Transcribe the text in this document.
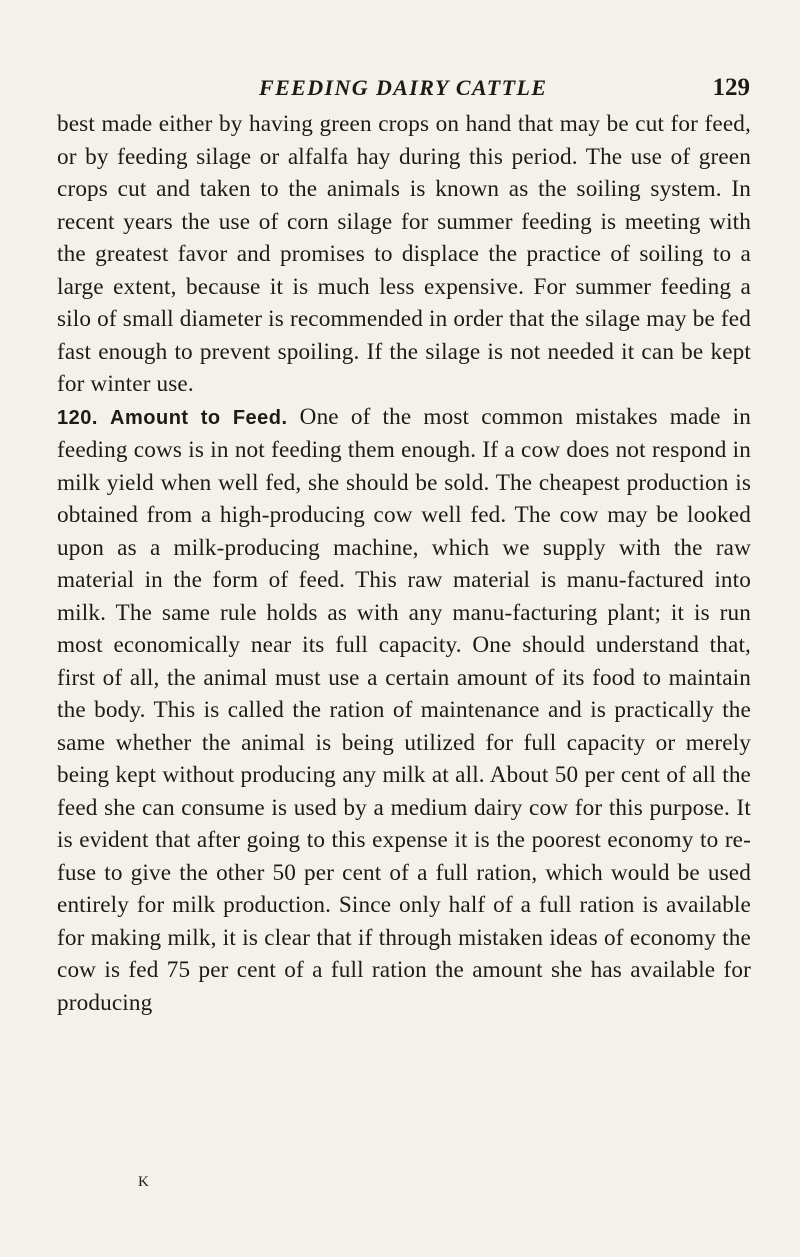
FEEDING DAIRY CATTLE	129

best made either by having green crops on hand that may be cut for feed, or by feeding silage or alfalfa hay during this period. The use of green crops cut and taken to the animals is known as the soiling system. In recent years the use of corn silage for summer feeding is meeting with the greatest favor and promises to displace the practice of soiling to a large extent, because it is much less expensive. For summer feeding a silo of small diameter is recommended in order that the silage may be fed fast enough to prevent spoiling. If the silage is not needed it can be kept for winter use.

120. Amount to Feed. One of the most common mistakes made in feeding cows is in not feeding them enough. If a cow does not respond in milk yield when well fed, she should be sold. The cheapest production is obtained from a high-producing cow well fed. The cow may be looked upon as a milk-producing machine, which we supply with the raw material in the form of feed. This raw material is manu-factured into milk. The same rule holds as with any manu-facturing plant; it is run most economically near its full capacity. One should understand that, first of all, the animal must use a certain amount of its food to maintain the body. This is called the ration of maintenance and is practically the same whether the animal is being utilized for full capacity or merely being kept without producing any milk at all. About 50 per cent of all the feed she can consume is used by a medium dairy cow for this purpose. It is evident that after going to this expense it is the poorest economy to re-fuse to give the other 50 per cent of a full ration, which would be used entirely for milk production. Since only half of a full ration is available for making milk, it is clear that if through mistaken ideas of economy the cow is fed 75 per cent of a full ration the amount she has available for producing

K
